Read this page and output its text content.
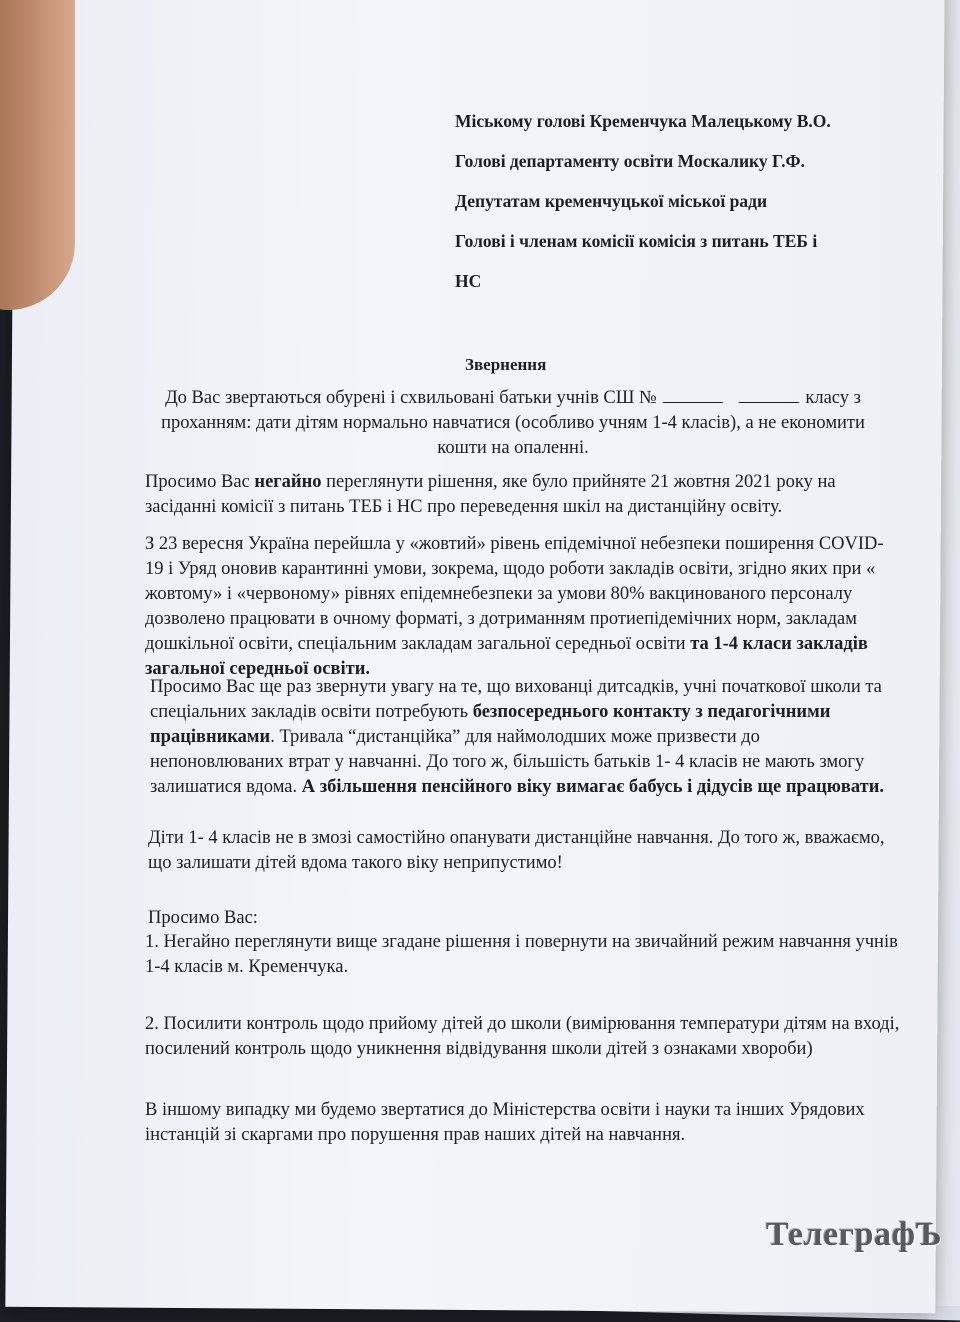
Міському голові Кременчука Малецькому В.О.
Голові департаменту освіти Москалику Г.Ф.
Депутатам кременчуцької міської ради
Голові і членам комісії комісія з питань ТЕБ і
НС
Звернення

До Вас звертаються обурені і схвильовані батьки учнів СШ №	класу з проханням: дати дітям нормально навчатися (особливо учням 1-4 класів), а не економити кошти на опаленні.

Просимо Вас негайно переглянути рішення, яке було прийняте 21 жовтня 2021 року на засіданні комісії з питань ТЕБ і НС про переведення шкіл на дистанційну освіту.

З 23 вересня Україна перейшла у «жовтий» рівень епідемічної небезпеки поширення COVID-19 і Уряд оновив карантинні умови, зокрема, щодо роботи закладів освіти, згідно яких при « жовтому» і «червоному» рівнях епідемнебезпеки за умови 80% вакцинованого персоналу дозволено працювати в очному форматі, з дотриманням протиепідемічних норм, закладам дошкільної освіти, спеціальним закладам загальної середньої освіти та 1-4 класи закладів загальної середньої освіти.

Просимо Вас ще раз звернути увагу на те, що вихованці дитсадків, учні початкової школи та спеціальних закладів освіти потребують безпосереднього контакту з педагогічними працівниками. Тривала “дистанційка” для наймолодших може призвести до непоновлюваних втрат у навчанні. До того ж, більшість батьків 1- 4 класів не мають змогу залишатися вдома. А збільшення пенсійного віку вимагає бабусь і дідусів ще працювати.

Діти 1- 4 класів не в змозі самостійно опанувати дистанційне навчання. До того ж, вважаємо, що залишати дітей вдома такого віку неприпустимо!

Просимо Вас:

1. Негайно переглянути вище згадане рішення і повернути на звичайний режим навчання учнів 1-4 класів м. Кременчука.

2. Посилити контроль щодо прийому дітей до школи (вимірювання температури дітям на вході, посилений контроль щодо уникнення відвідування школи дітей з ознаками хвороби)

В іншому випадку ми будемо звертатися до Міністерства освіти і науки та інших Урядових інстанцій зі скаргами про порушення прав наших дітей на навчання.

ТелеграфЪ
